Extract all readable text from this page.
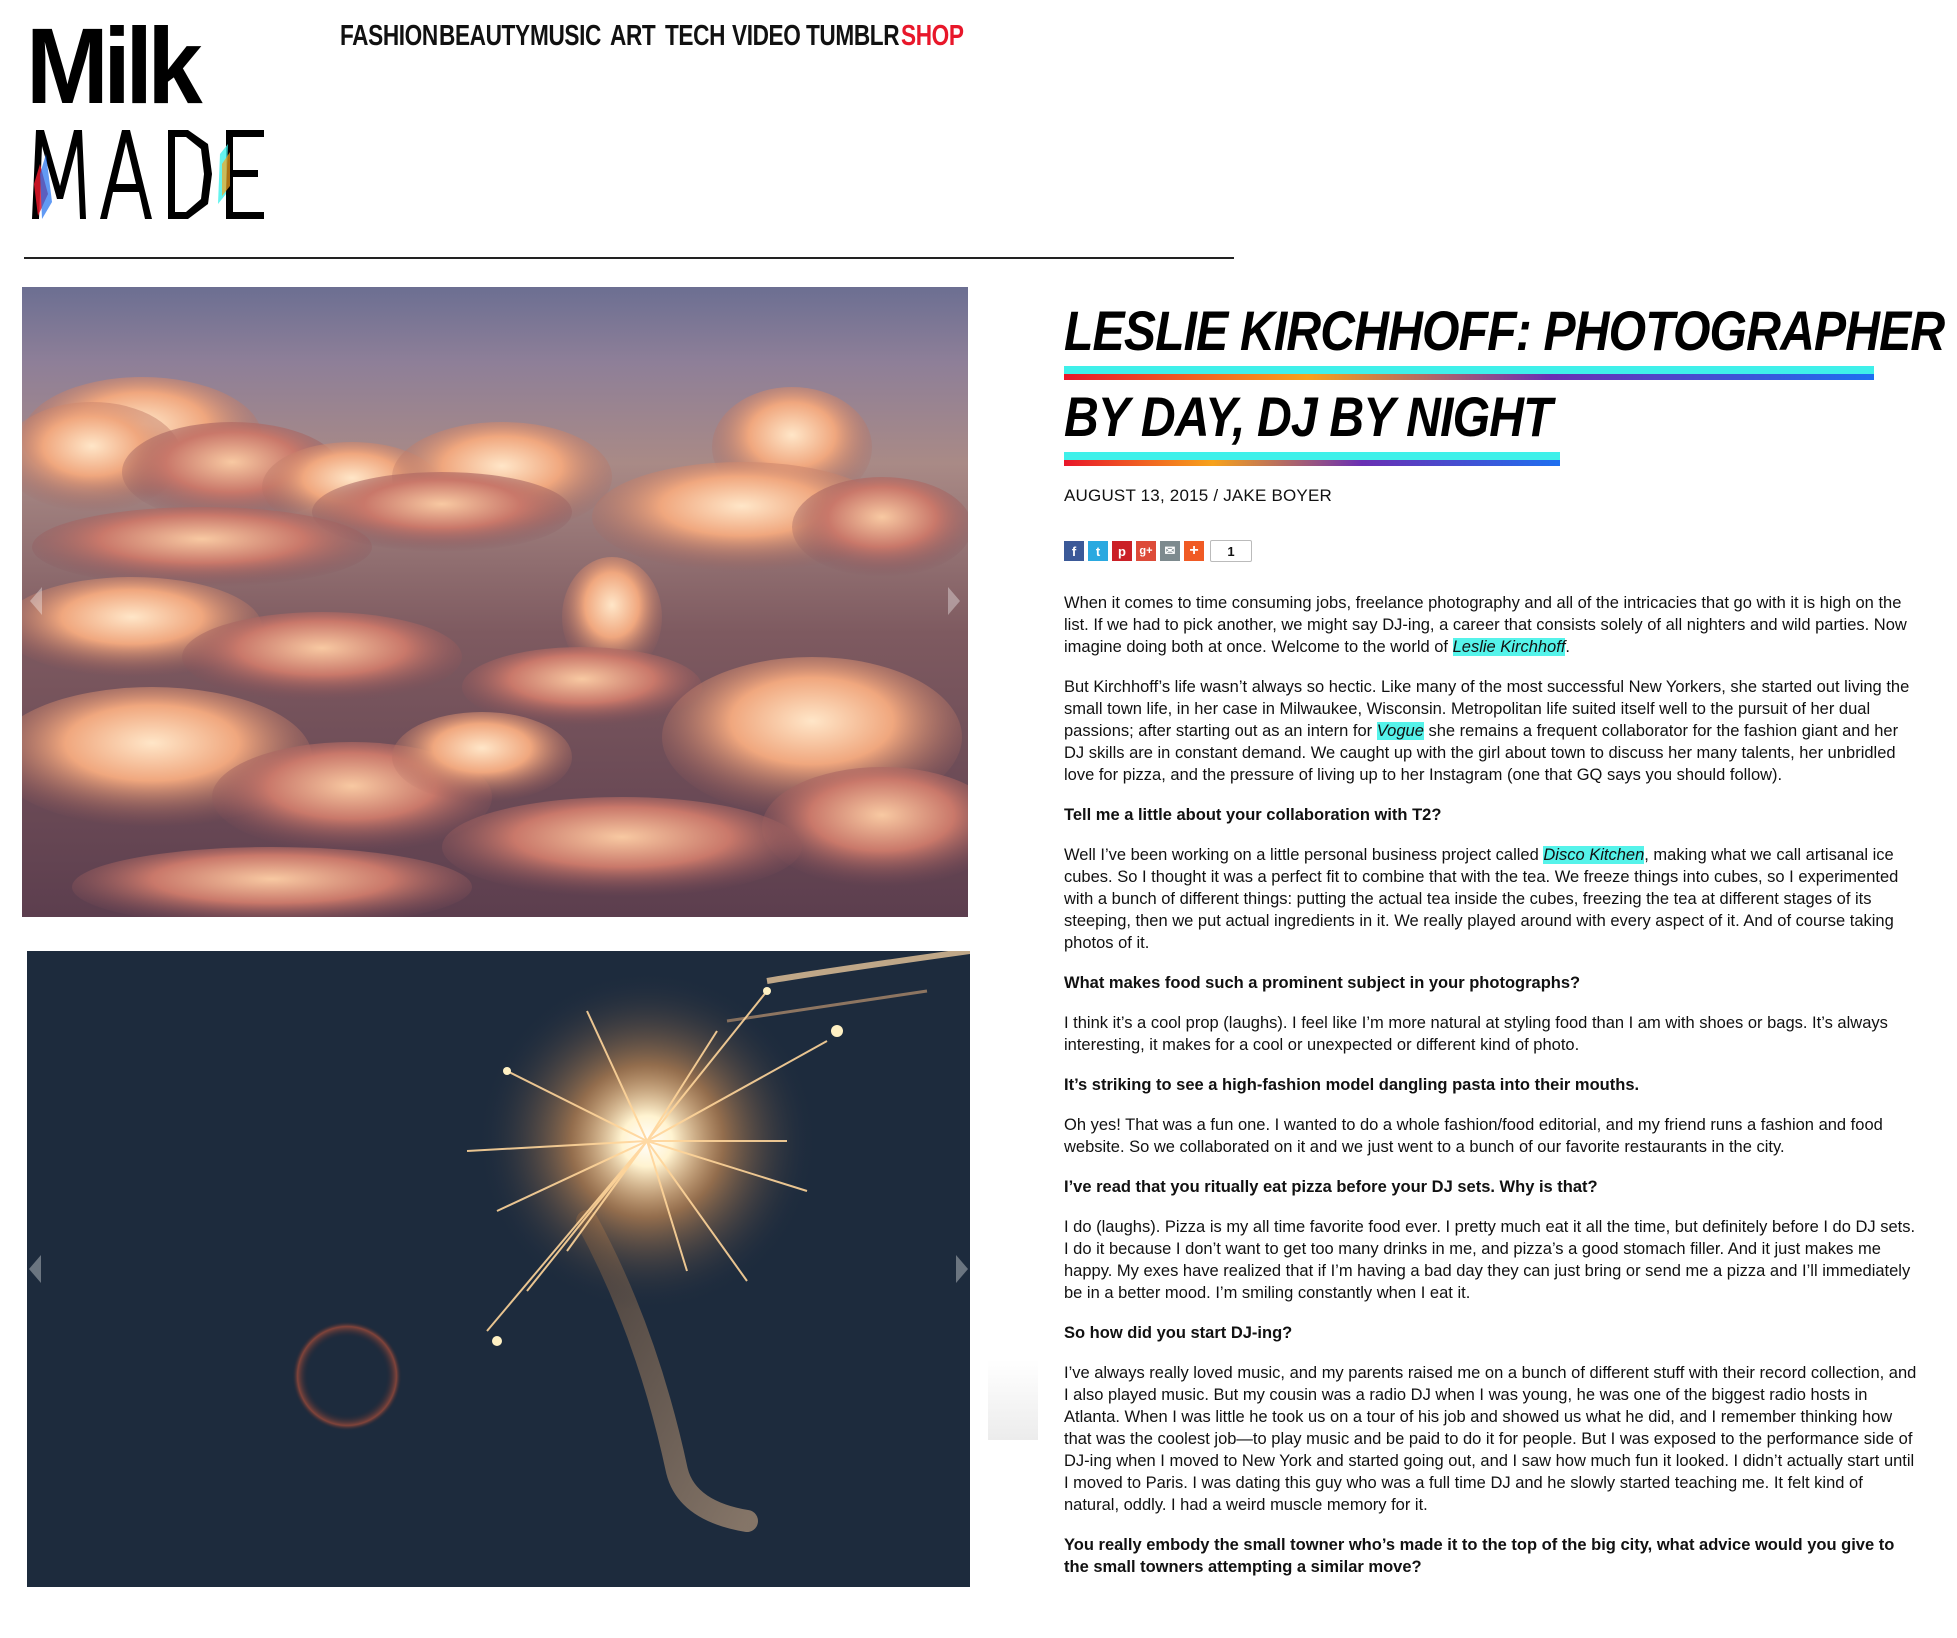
Milk	FASHION BEAUTY MUSIC ART TECH VIDEO TUMBLR SHOP
LESLIE KIRCHHOFF: PHOTOGRAPHER
BY DAY, DJ BY NIGHT
AUGUST 13, 2015 / JAKE BOYER
f	t	p	g+ ✉ +	1

When it comes to time consuming jobs, freelance photography and all of the intricacies that go with it is high on the list. If we had to pick another, we might say DJ-ing, a career that consists solely of all nighters and wild parties. Now imagine doing both at once. Welcome to the world of Leslie Kirchhoff.

But Kirchhoff’s life wasn’t always so hectic. Like many of the most successful New Yorkers, she started out living the small town life, in her case in Milwaukee, Wisconsin. Metropolitan life suited itself well to the pursuit of her dual passions; after starting out as an intern for Vogue she remains a frequent collaborator for the fashion giant and her DJ skills are in constant demand. We caught up with the girl about town to discuss her many talents, her unbridled love for pizza, and the pressure of living up to her Instagram (one that GQ says you should follow).

Tell me a little about your collaboration with T2?

Well I’ve been working on a little personal business project called Disco Kitchen, making what we call artisanal ice cubes. So I thought it was a perfect fit to combine that with the tea. We freeze things into cubes, so I experimented with a bunch of different things: putting the actual tea inside the cubes, freezing the tea at different stages of its steeping, then we put actual ingredients in it. We really played around with every aspect of it. And of course taking photos of it.

What makes food such a prominent subject in your photographs?

I think it’s a cool prop (laughs). I feel like I’m more natural at styling food than I am with shoes or bags. It’s always interesting, it makes for a cool or unexpected or different kind of photo.

It’s striking to see a high-fashion model dangling pasta into their mouths.

Oh yes! That was a fun one. I wanted to do a whole fashion/food editorial, and my friend runs a fashion and food website. So we collaborated on it and we just went to a bunch of our favorite restaurants in the city.

I’ve read that you ritually eat pizza before your DJ sets. Why is that?

I do (laughs). Pizza is my all time favorite food ever. I pretty much eat it all the time, but definitely before I do DJ sets. I do it because I don’t want to get too many drinks in me, and pizza’s a good stomach filler. And it just makes me happy. My exes have realized that if I’m having a bad day they can just bring or send me a pizza and I’ll immediately be in a better mood. I’m smiling constantly when I eat it.

So how did you start DJ-ing?

I’ve always really loved music, and my parents raised me on a bunch of different stuff with their record collection, and I also played music. But my cousin was a radio DJ when I was young, he was one of the biggest radio hosts in Atlanta. When I was little he took us on a tour of his job and showed us what he did, and I remember thinking how that was the coolest job—to play music and be paid to do it for people. But I was exposed to the performance side of DJ-ing when I moved to New York and started going out, and I saw how much fun it looked. I didn’t actually start until I moved to Paris. I was dating this guy who was a full time DJ and he slowly started teaching me. It felt kind of natural, oddly. I had a weird muscle memory for it.

You really embody the small towner who’s made it to the top of the big city, what advice would you give to the small towners attempting a similar move?
